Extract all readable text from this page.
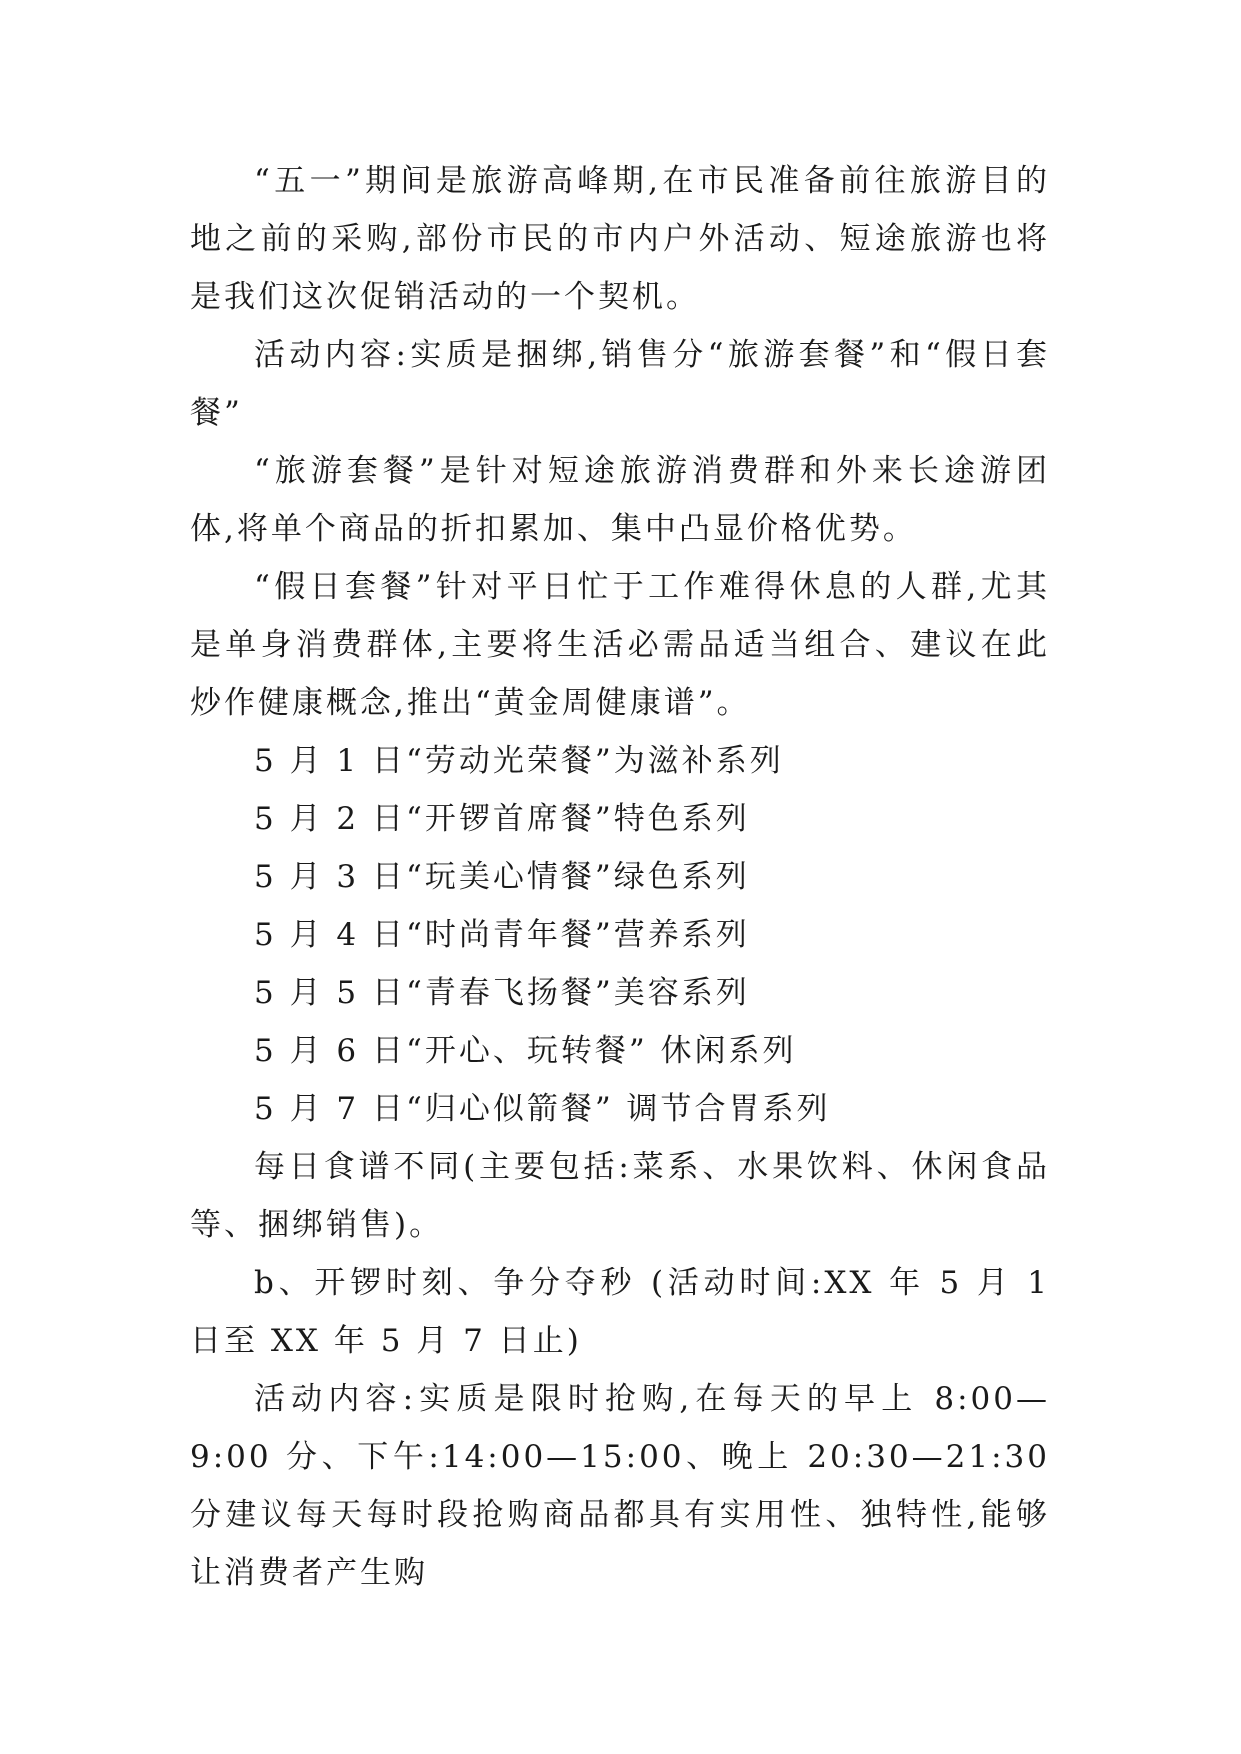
“五一”期间是旅游高峰期,在市民准备前往旅游目的地之前的采购,部份市民的市内户外活动、短途旅游也将是我们这次促销活动的一个契机。

活动内容:实质是捆绑,销售分“旅游套餐”和“假日套餐”

“旅游套餐”是针对短途旅游消费群和外来长途游团体,将单个商品的折扣累加、集中凸显价格优势。

“假日套餐”针对平日忙于工作难得休息的人群,尤其是单身消费群体,主要将生活必需品适当组合、建议在此炒作健康概念,推出“黄金周健康谱”。

5 月 1 日“劳动光荣餐”为滋补系列

5 月 2 日“开锣首席餐”特色系列

5 月 3 日“玩美心情餐”绿色系列

5 月 4 日“时尚青年餐”营养系列

5 月 5 日“青春飞扬餐”美容系列

5 月 6 日“开心、玩转餐” 休闲系列

5 月 7 日“归心似箭餐” 调节合胃系列

每日食谱不同(主要包括:菜系、水果饮料、休闲食品等、捆绑销售)。

b、开锣时刻、争分夺秒 (活动时间:XX 年 5 月 1 日至 XX 年 5 月 7 日止)

活动内容:实质是限时抢购,在每天的早上 8:00—9:00 分、下午:14:00—15:00、晚上 20:30—21:30 分建议每天每时段抢购商品都具有实用性、独特性,能够让消费者产生购
